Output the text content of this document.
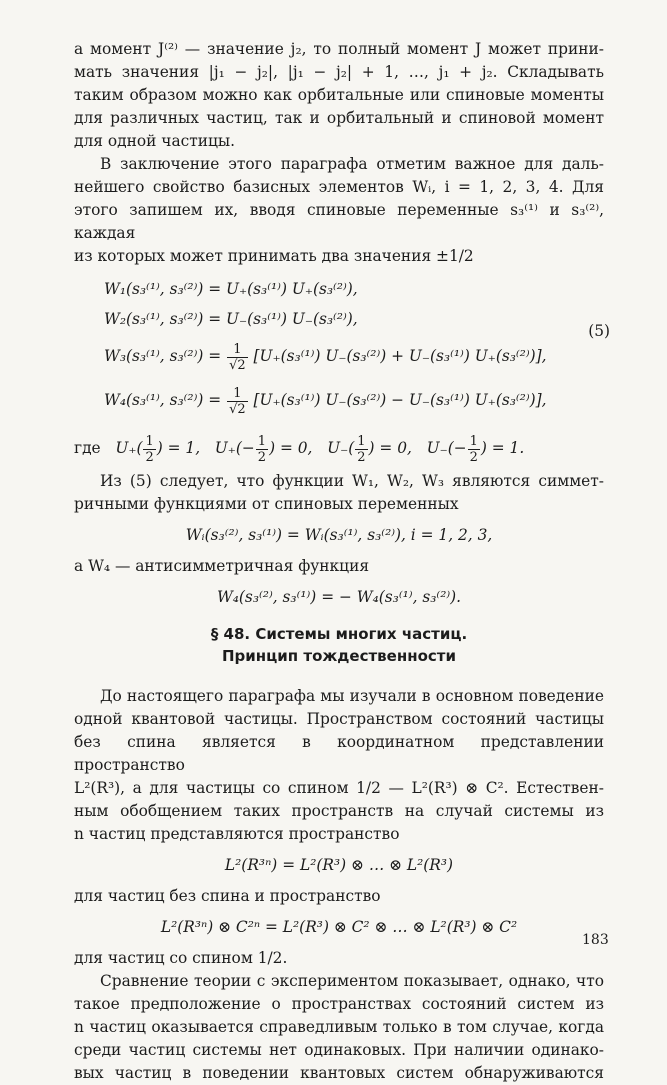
а момент J⁽²⁾ — значение j₂, то полный момент J может прини-

мать значения |j₁ − j₂|, |j₁ − j₂| + 1, …, j₁ + j₂. Складывать

таким образом можно как орбитальные или спиновые моменты

для различных частиц, так и орбитальный и спиновой момент

для одной частицы.

В заключение этого параграфа отметим важное для даль-

нейшего свойство базисных элементов Wᵢ, i = 1, 2, 3, 4. Для

этого запишем их, вводя спиновые переменные s₃⁽¹⁾ и s₃⁽²⁾, каждая

из которых может принимать два значения ±1/2

W₁(s₃⁽¹⁾, s₃⁽²⁾) = U₊(s₃⁽¹⁾) U₊(s₃⁽²⁾),
W₂(s₃⁽¹⁾, s₃⁽²⁾) = U₋(s₃⁽¹⁾) U₋(s₃⁽²⁾),
W₃(s₃⁽¹⁾, $s_3^{(2)}) = \frac{1}{√2} [U_+(s_3^{(1)}) U_-(s_3^{(2)}) + U_-(s_3^{(1)})$ U₊(s₃⁽²⁾)],
W₄(s₃⁽¹⁾, $s_3^{(2)}) = \frac{1}{√2} [U_+(s_3^{(1)}) U_-(s_3^{(2)}) - U_-(s_3^{(1)})$ U₊(s₃⁽²⁾)],
(5)
где $U_+( \frac{1}{2}$ ) = 1, $U_+(- \frac{1}{2}$ ) = 0, $U_-( \frac{1}{2}$ ) = 0, $U_-(- \frac{1}{2}$ ) = 1.

Из (5) следует, что функции W₁, W₂, W₃ являются симмет-

ричными функциями от спиновых переменных

Wᵢ(s₃⁽²⁾, s₃⁽¹⁾) = Wᵢ(s₃⁽¹⁾, s₃⁽²⁾), i = 1, 2, 3,

а W₄ — антисимметричная функция

W₄(s₃⁽²⁾, s₃⁽¹⁾) = − W₄(s₃⁽¹⁾, s₃⁽²⁾).
§ 48. Системы многих частиц.
Принцип тождественности

До настоящего параграфа мы изучали в основном поведение

одной квантовой частицы. Пространством состояний частицы

без спина является в координатном представлении пространство

L²(R³), а для частицы со спином 1/2 — L²(R³) ⊗ C². Естествен-

ным обобщением таких пространств на случай системы из

n частиц представляются пространство

L²(R³ⁿ) = L²(R³) ⊗ … ⊗ L²(R³)

для частиц без спина и пространство

L²(R³ⁿ) ⊗ C²ⁿ = L²(R³) ⊗ C² ⊗ … ⊗ L²(R³) ⊗ C²

для частиц со спином 1/2.

Сравнение теории с экспериментом показывает, однако, что

такое предположение о пространствах состояний систем из

n частиц оказывается справедливым только в том случае, когда

среди частиц системы нет одинаковых. При наличии одинако-

вых частиц в поведении квантовых систем обнаруживаются

183
